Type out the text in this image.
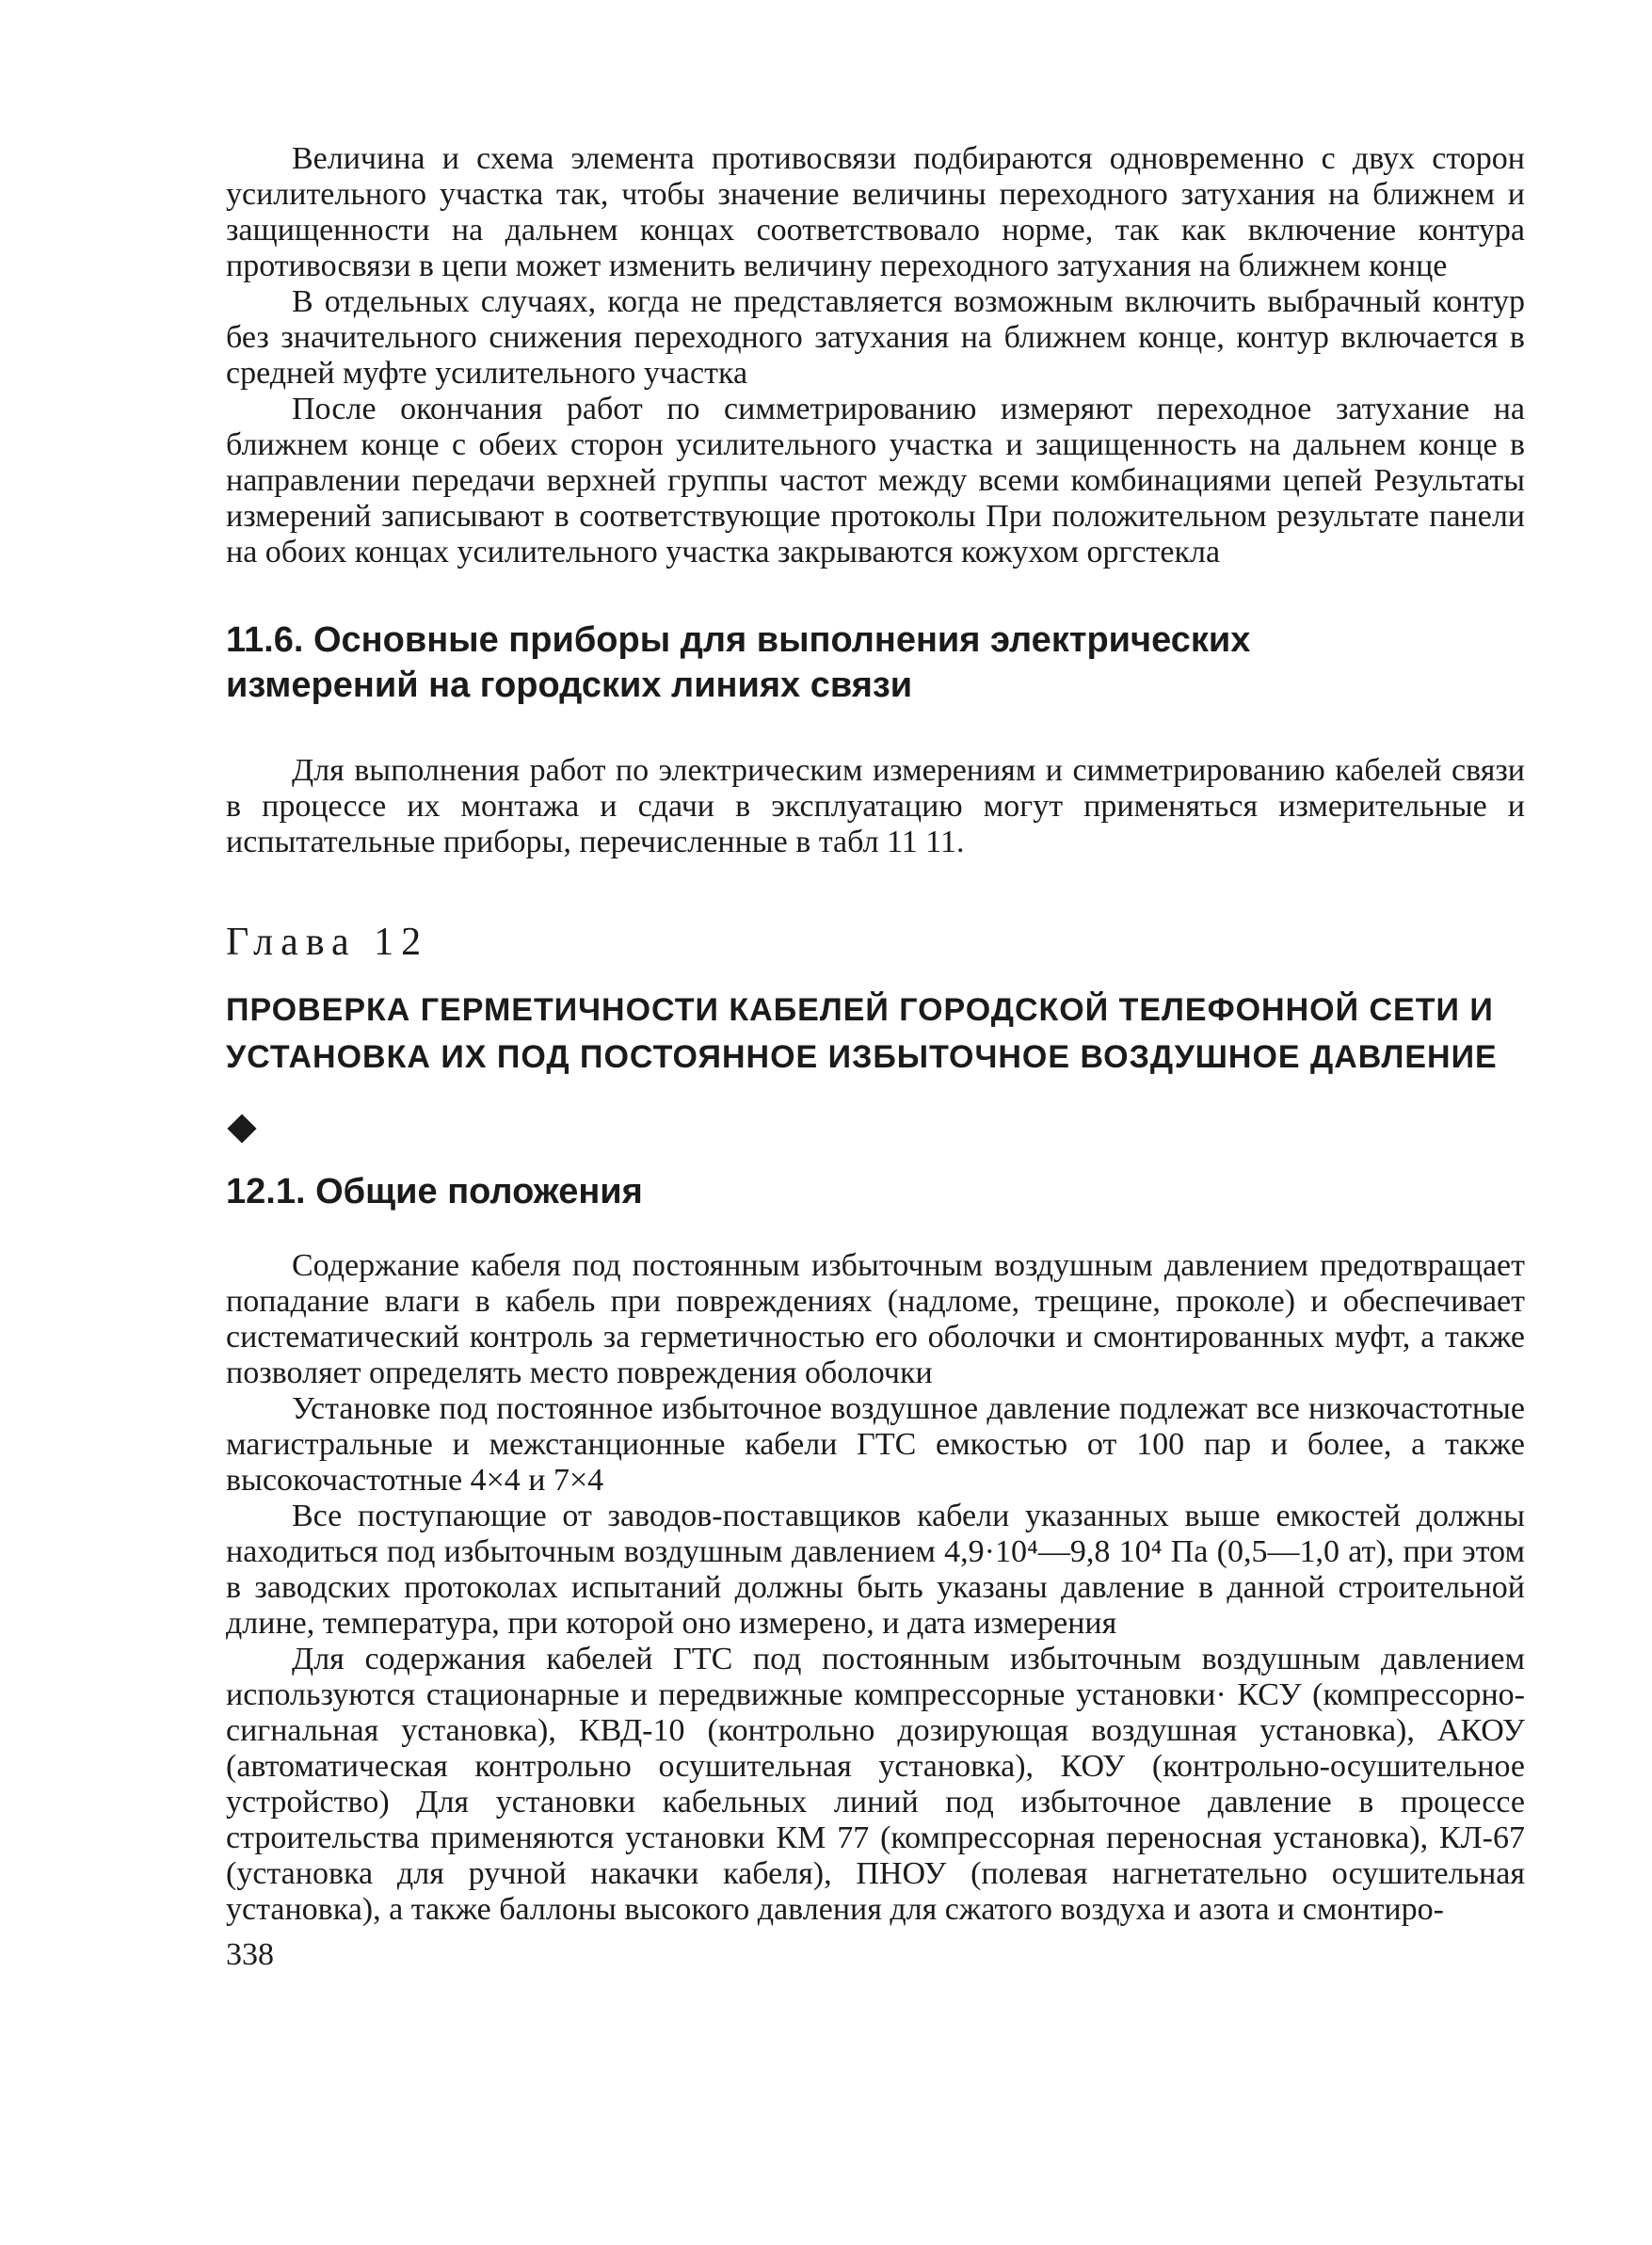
Величина и схема элемента противосвязи подбираются одновременно с двух сторон усилительного участка так, чтобы значение величины переходного затухания на ближнем и защищенности на дальнем концах соответствовало норме, так как включение контура противосвязи в цепи может изменить величину переходного затухания на ближнем конце

В отдельных случаях, когда не представляется возможным включить выбрачный контур без значительного снижения переходного затухания на ближнем конце, контур включается в средней муфте усилительного участка

После окончания работ по симметрированию измеряют переходное затухание на ближнем конце с обеих сторон усилительного участка и защищенность на дальнем конце в направлении передачи верхней группы частот между всеми комбинациями цепей Результаты измерений записывают в соответствующие протоколы При положительном результате панели на обоих концах усилительного участка закрываются кожухом оргстекла

11.6. Основные приборы для выполнения электрических измерений на городских линиях связи

Для выполнения работ по электрическим измерениям и симметрированию кабелей связи в процессе их монтажа и сдачи в эксплуатацию могут применяться измерительные и испытательные приборы, перечисленные в табл 11 11.

Глава 12
ПРОВЕРКА ГЕРМЕТИЧНОСТИ КАБЕЛЕЙ ГОРОДСКОЙ ТЕЛЕФОННОЙ СЕТИ И УСТАНОВКА ИХ ПОД ПОСТОЯННОЕ ИЗБЫТОЧНОЕ ВОЗДУШНОЕ ДАВЛЕНИЕ
12.1. Общие положения

Содержание кабеля под постоянным избыточным воздушным давлением предотвращает попадание влаги в кабель при повреждениях (надломе, трещине, проколе) и обеспечивает систематический контроль за герметичностью его оболочки и смонтированных муфт, а также позволяет определять место повреждения оболочки

Установке под постоянное избыточное воздушное давление подлежат все низкочастотные магистральные и межстанционные кабели ГТС емкостью от 100 пар и более, а также высокочастотные 4×4 и 7×4

Все поступающие от заводов-поставщиков кабели указанных выше емкостей должны находиться под избыточным воздушным давлением 4,9·10⁴—9,8 10⁴ Па (0,5—1,0 ат), при этом в заводских протоколах испытаний должны быть указаны давление в данной строительной длине, температура, при которой оно измерено, и дата измерения

Для содержания кабелей ГТС под постоянным избыточным воздушным давлением используются стационарные и передвижные компрессорные установки· КСУ (компрессорно-сигнальная установка), КВД-10 (контрольно дозирующая воздушная установка), АКОУ (автоматическая контрольно осушительная установка), КОУ (контрольно-осушительное устройство) Для установки кабельных линий под избыточное давление в процессе строительства применяются установки КМ 77 (компрессорная переносная установка), КЛ-67 (установка для ручной накачки кабеля), ПНОУ (полевая нагнетательно осушительная установка), а также баллоны высокого давления для сжатого воздуха и азота и смонтиро-

338
